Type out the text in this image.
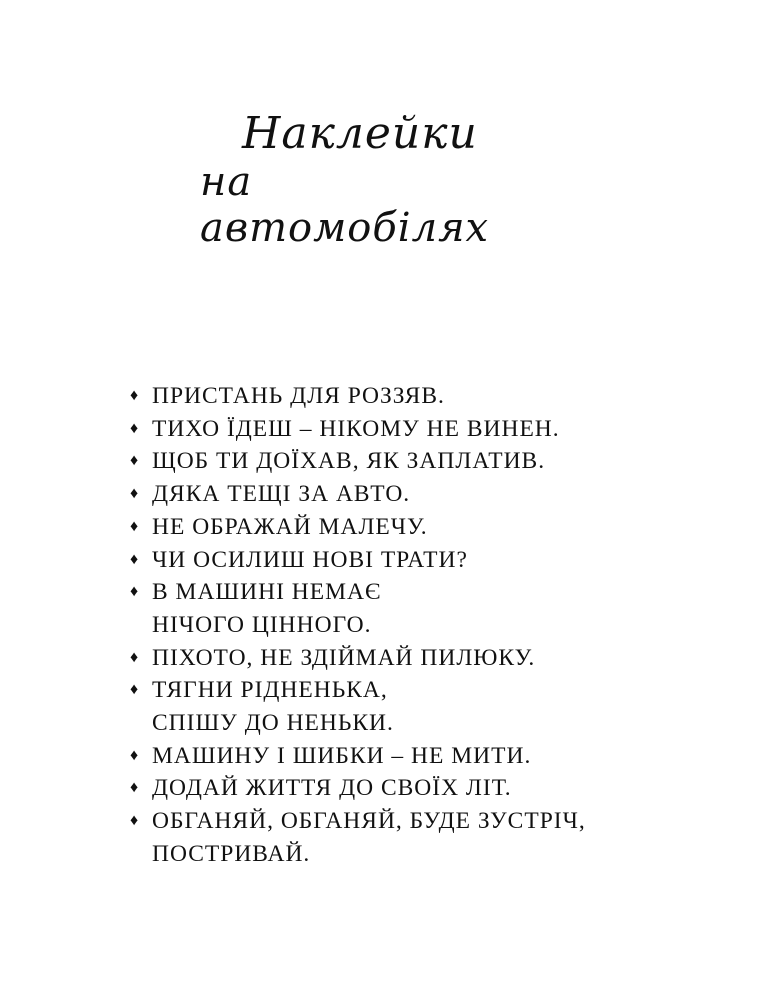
Наклейки
на автомобілях
♦ ПРИСТАНЬ ДЛЯ РОЗЗЯВ.
♦ ТИХО ЇДЕШ – НІКОМУ НЕ ВИНЕН.
♦ ЩОБ ТИ ДОЇХАВ, ЯК ЗАПЛАТИВ.
♦ ДЯКА ТЕЩІ ЗА АВТО.
♦ НЕ ОБРАЖАЙ МАЛЕЧУ.
♦ ЧИ ОСИЛИШ НОВІ ТРАТИ?
♦ В МАШИНІ НЕМАЄ
НІЧОГО ЦІННОГО.
♦ ПІХОТО, НЕ ЗДІЙМАЙ ПИЛЮКУ.
♦ ТЯГНИ РІДНЕНЬКА,
СПІШУ ДО НЕНЬКИ.
♦ МАШИНУ І ШИБКИ – НЕ МИТИ.
♦ ДОДАЙ ЖИТТЯ ДО СВОЇХ ЛІТ.
♦ ОБГАНЯЙ, ОБГАНЯЙ, БУДЕ ЗУСТРІЧ,
ПОСТРИВАЙ.
